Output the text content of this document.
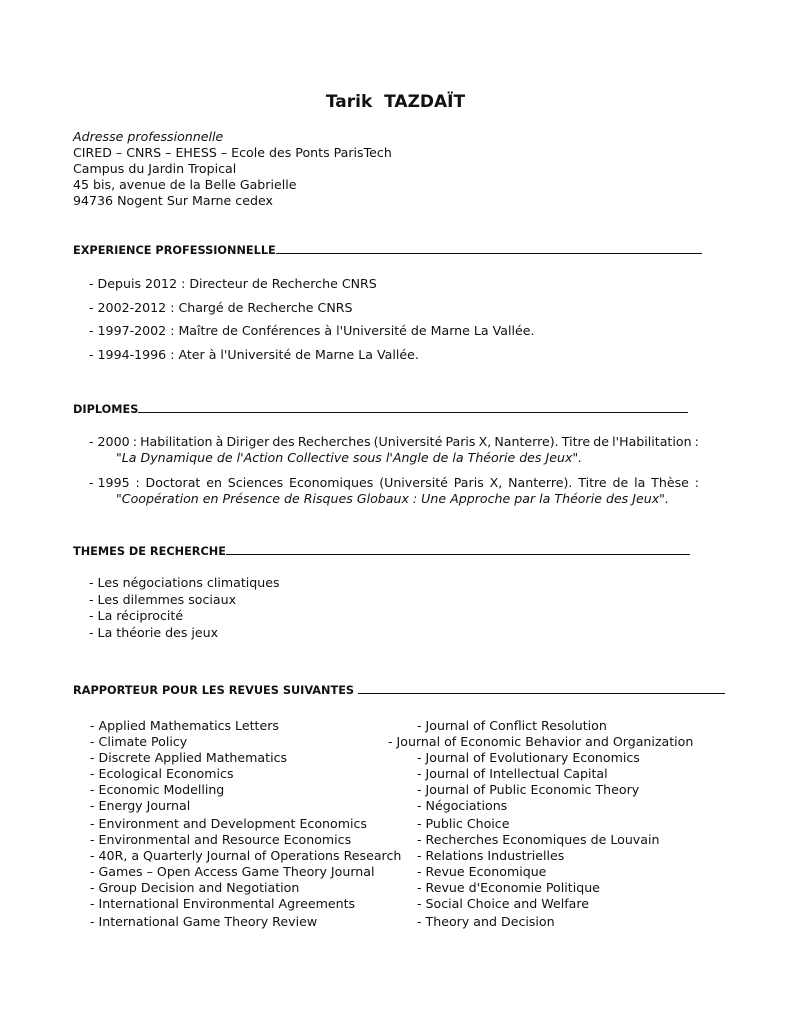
Tarik  TAZDAÏT
Adresse professionnelle
CIRED – CNRS – EHESS – Ecole des Ponts ParisTech
Campus du Jardin Tropical
45 bis, avenue de la Belle Gabrielle
94736 Nogent Sur Marne cedex
EXPERIENCE PROFESSIONNELLE
- Depuis 2012 : Directeur de Recherche CNRS
- 2002-2012 : Chargé de Recherche CNRS
- 1997-2002 : Maître de Conférences à l'Université de Marne La Vallée.
- 1994-1996 : Ater à l'Université de Marne La Vallée.
DIPLOMES
- 2000 : Habilitation à Diriger des Recherches (Université Paris X, Nanterre). Titre de l'Habilitation :
"La Dynamique de l'Action Collective sous l'Angle de la Théorie des Jeux".
- 1995 : Doctorat en Sciences Economiques (Université Paris X, Nanterre). Titre de la Thèse :
"Coopération en Présence de Risques Globaux : Une Approche par la Théorie des Jeux".
THEMES DE RECHERCHE
- Les négociations climatiques
- Les dilemmes sociaux
- La réciprocité
- La théorie des jeux
RAPPORTEUR POUR LES REVUES SUIVANTES
- Applied Mathematics Letters
- Climate Policy
- Discrete Applied Mathematics
- Ecological Economics
- Economic Modelling
- Energy Journal
- Environment and Development Economics
- Environmental and Resource Economics
- 40R, a Quarterly Journal of Operations Research
- Games – Open Access Game Theory Journal
- Group Decision and Negotiation
- International Environmental Agreements
- International Game Theory Review
- Journal of Conflict Resolution
- Journal of Economic Behavior and Organization
- Journal of Evolutionary Economics
- Journal of Intellectual Capital
- Journal of Public Economic Theory
- Négociations
- Public Choice
- Recherches Economiques de Louvain
- Relations Industrielles
- Revue Economique
- Revue d'Economie Politique
- Social Choice and Welfare
- Theory and Decision
